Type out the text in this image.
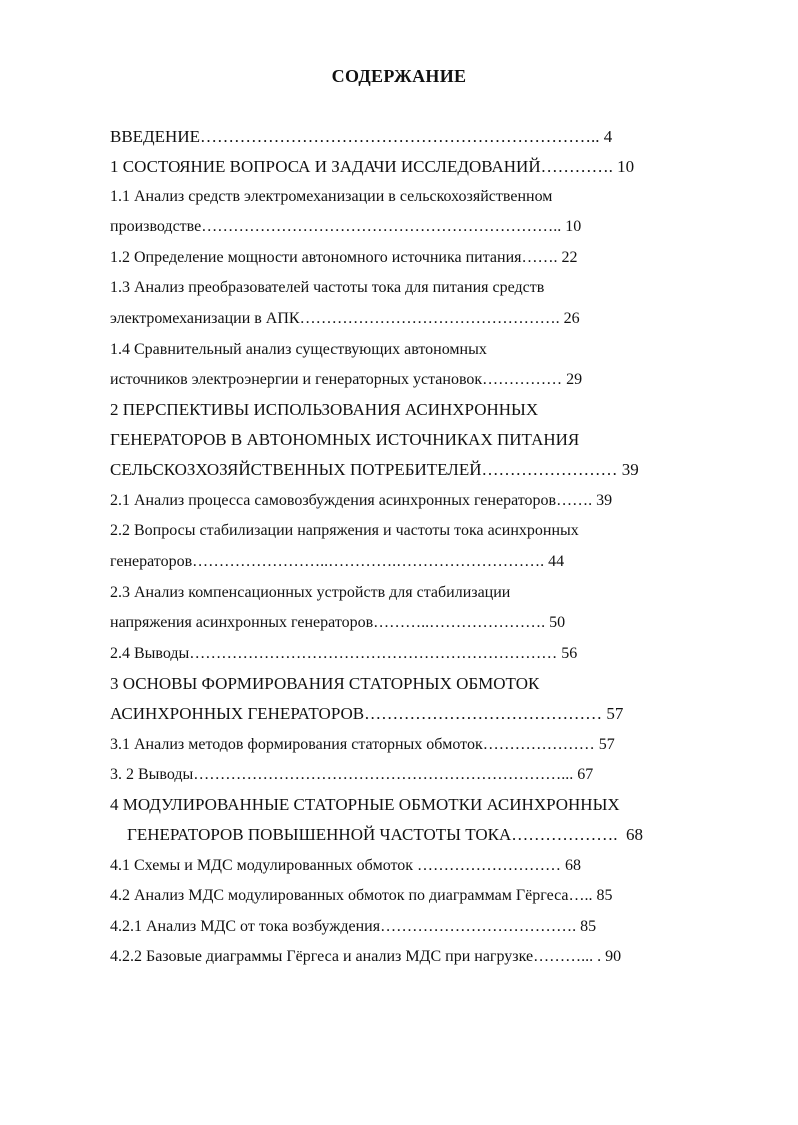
СОДЕРЖАНИЕ
ВВЕДЕНИЕ…………………………………………………………….. 4
1 СОСТОЯНИЕ ВОПРОСА И ЗАДАЧИ ИССЛЕДОВАНИЙ…………. 10
1.1 Анализ средств электромеханизации в сельскохозяйственном
производстве………………………………………………………….. 10
1.2 Определение мощности автономного источника питания……. 22
1.3 Анализ преобразователей частоты тока для питания средств
электромеханизации в АПК…………………………………………. 26
1.4 Сравнительный анализ существующих автономных
источников электроэнергии и генераторных установок…………… 29
2 ПЕРСПЕКТИВЫ ИСПОЛЬЗОВАНИЯ АСИНХРОННЫХ
ГЕНЕРАТОРОВ В АВТОНОМНЫХ ИСТОЧНИКАХ ПИТАНИЯ
СЕЛЬСКОЗХОЗЯЙСТВЕННЫХ ПОТРЕБИТЕЛЕЙ…………………… 39
2.1 Анализ процесса самовозбуждения асинхронных генераторов……. 39
2.2 Вопросы стабилизации напряжения и частоты тока асинхронных
генераторов……………………..………….………………………. 44
2.3 Анализ компенсационных устройств для стабилизации
напряжения асинхронных генераторов………..…………………. 50
2.4 Выводы…………………………………………………………… 56
3 ОСНОВЫ ФОРМИРОВАНИЯ СТАТОРНЫХ ОБМОТОК
АСИНХРОННЫХ ГЕНЕРАТОРОВ…………………………………… 57
3.1 Анализ методов формирования статорных обмоток………………… 57
3. 2 Выводы……………………………………………………………... 67
4 МОДУЛИРОВАННЫЕ СТАТОРНЫЕ ОБМОТКИ АСИНХРОННЫХ
ГЕНЕРАТОРОВ ПОВЫШЕННОЙ ЧАСТОТЫ ТОКА……………….  68
4.1 Схемы и МДС модулированных обмоток ……………………… 68
4.2 Анализ МДС модулированных обмоток по диаграммам Гёргеса….. 85
4.2.1 Анализ МДС от тока возбуждения………………………………. 85
4.2.2 Базовые диаграммы Гёргеса и анализ МДС при нагрузке………... . 90
